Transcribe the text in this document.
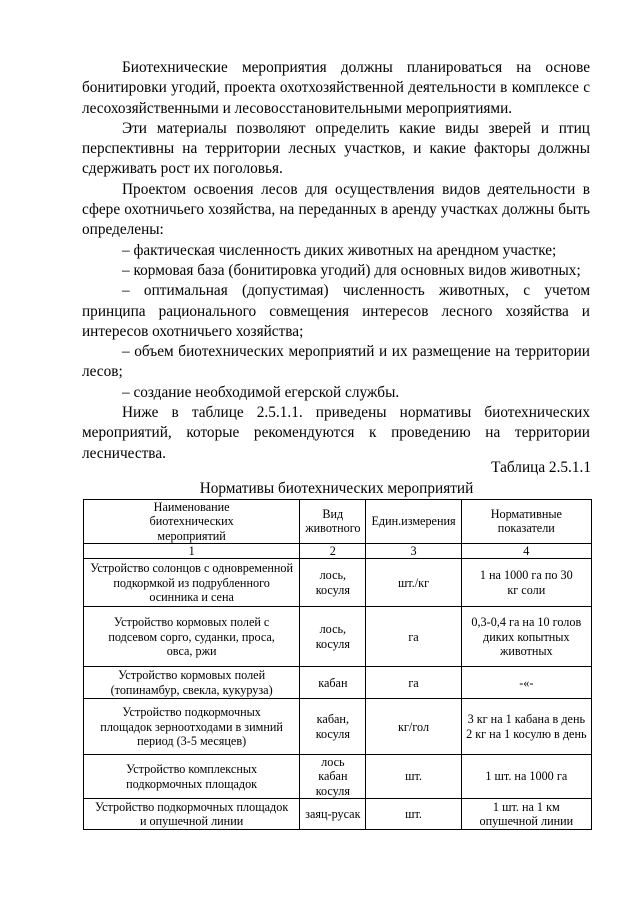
Биотехнические мероприятия должны планироваться на основе бонитировки угодий, проекта охотхозяйственной деятельности в комплексе с лесохозяйственными и лесовосстановительными мероприятиями.

Эти материалы позволяют определить какие виды зверей и птиц перспективны на территории лесных участков, и какие факторы должны сдерживать рост их поголовья.

Проектом освоения лесов для осуществления видов деятельности в сфере охотничьего хозяйства, на переданных в аренду участках должны быть определены:

– фактическая численность диких животных на арендном участке;

– кормовая база (бонитировка угодий) для основных видов животных;

– оптимальная (допустимая) численность животных, с учетом принципа рационального совмещения интересов лесного хозяйства и интересов охотничьего хозяйства;

– объем биотехнических мероприятий и их размещение на территории лесов;

– создание необходимой егерской службы.

Ниже в таблице 2.5.1.1. приведены нормативы биотехнических мероприятий, которые рекомендуются к проведению на территории лесничества.

Таблица 2.5.1.1
Нормативы биотехнических мероприятий
Наименование биотехнических мероприятий	Вид животного	Един.измерения	Нормативные показатели
1	2	3	4
Устройство солонцов с одновременной подкормкой из подрубленного осинника и сена	лось, косуля	шт./кг	1 на 1000 га по 30 кг соли
Устройство кормовых полей с подсевом сорго, суданки, проса, овса, ржи	лось, косуля	га	0,3-0,4 га на 10 голов диких копытных животных
Устройство кормовых полей (топинамбур, свекла, кукуруза)	кабан	га	-«-
Устройство подкормочных площадок зерноотходами в зимний период (3-5 месяцев)	кабан, косуля	кг/гол	3 кг на 1 кабана в день 2 кг на 1 косулю в день
Устройство комплексных подкормочных площадок	лось кабан косуля	шт.	1 шт. на 1000 га
Устройство подкормочных площадок и опушечной линии	заяц-русак	шт.	1 шт. на 1 км опушечной линии
